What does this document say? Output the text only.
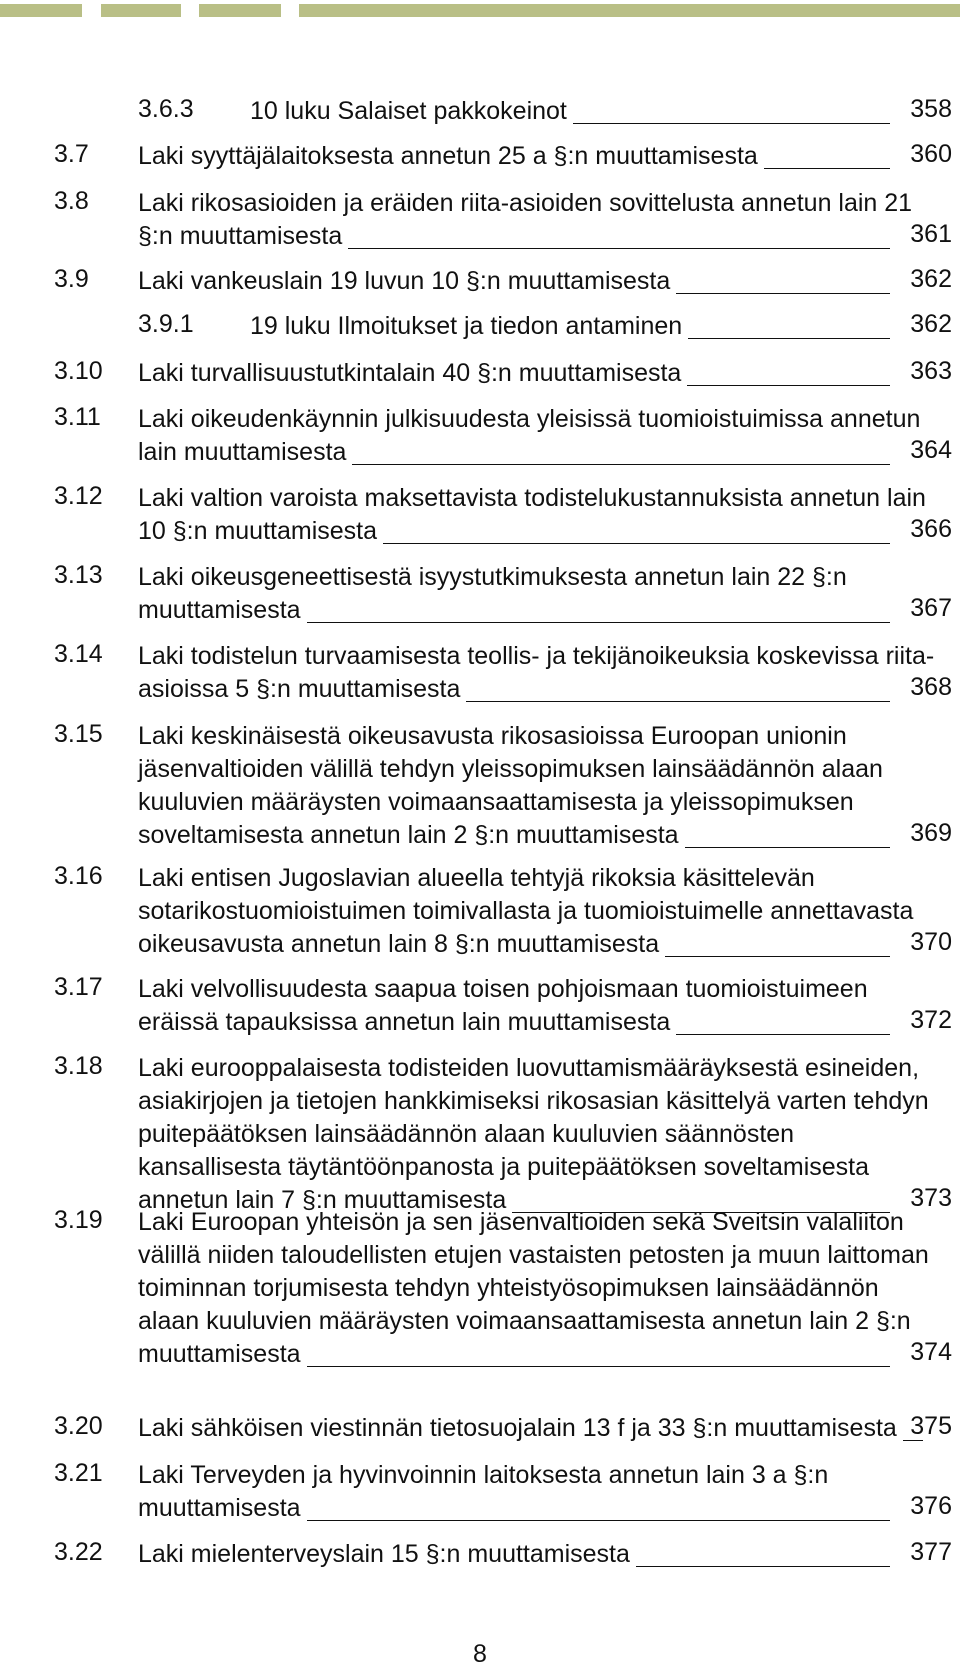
3.6.3 10 luku Salaiset pakkokeinot	358
3.7 Laki syyttäjälaitoksesta annetun 25 a §:n muuttamisesta	360
3.8 Laki rikosasioiden ja eräiden riita-asioiden sovittelusta annetun lain 21
§:n muuttamisesta	361
3.9 Laki vankeuslain 19 luvun 10 §:n muuttamisesta	362
3.9.1 19 luku Ilmoitukset ja tiedon antaminen	362
3.10 Laki turvallisuustutkintalain 40 §:n muuttamisesta	363
3.11 Laki oikeudenkäynnin julkisuudesta yleisissä tuomioistuimissa annetun
lain muuttamisesta	364
3.12 Laki valtion varoista maksettavista todistelukustannuksista annetun lain
10 §:n muuttamisesta	366
3.13 Laki oikeusgeneettisestä isyystutkimuksesta annetun lain 22 §:n
muuttamisesta	367
3.14 Laki todistelun turvaamisesta teollis- ja tekijänoikeuksia koskevissa riita-
asioissa 5 §:n muuttamisesta	368
3.15 Laki keskinäisestä oikeusavusta rikosasioissa Euroopan unionin
jäsenvaltioiden välillä tehdyn yleissopimuksen lainsäädännön alaan
kuuluvien määräysten voimaansaattamisesta ja yleissopimuksen
soveltamisesta annetun lain 2 §:n muuttamisesta	369
3.16 Laki entisen Jugoslavian alueella tehtyjä rikoksia käsittelevän
sotarikostuomioistuimen toimivallasta ja tuomioistuimelle annettavasta
oikeusavusta annetun lain 8 §:n muuttamisesta	370
3.17 Laki velvollisuudesta saapua toisen pohjoismaan tuomioistuimeen
eräissä tapauksissa annetun lain muuttamisesta	372
3.18 Laki eurooppalaisesta todisteiden luovuttamismääräyksestä esineiden,
asiakirjojen ja tietojen hankkimiseksi rikosasian käsittelyä varten tehdyn
puitepäätöksen lainsäädännön alaan kuuluvien säännösten
kansallisesta täytäntöönpanosta ja puitepäätöksen soveltamisesta
annetun lain 7 §:n muuttamisesta	373
3.19 Laki Euroopan yhteisön ja sen jäsenvaltioiden sekä Sveitsin valaliiton
välillä niiden taloudellisten etujen vastaisten petosten ja muun laittoman
toiminnan torjumisesta tehdyn yhteistyösopimuksen lainsäädännön
alaan kuuluvien määräysten voimaansaattamisesta annetun lain 2 §:n
muuttamisesta	374
3.20 Laki sähköisen viestinnän tietosuojalain 13 f ja 33 §:n muuttamisesta 375
3.21 Laki Terveyden ja hyvinvoinnin laitoksesta annetun lain 3 a §:n
muuttamisesta	376
3.22 Laki mielenterveyslain 15 §:n muuttamisesta	377
8
